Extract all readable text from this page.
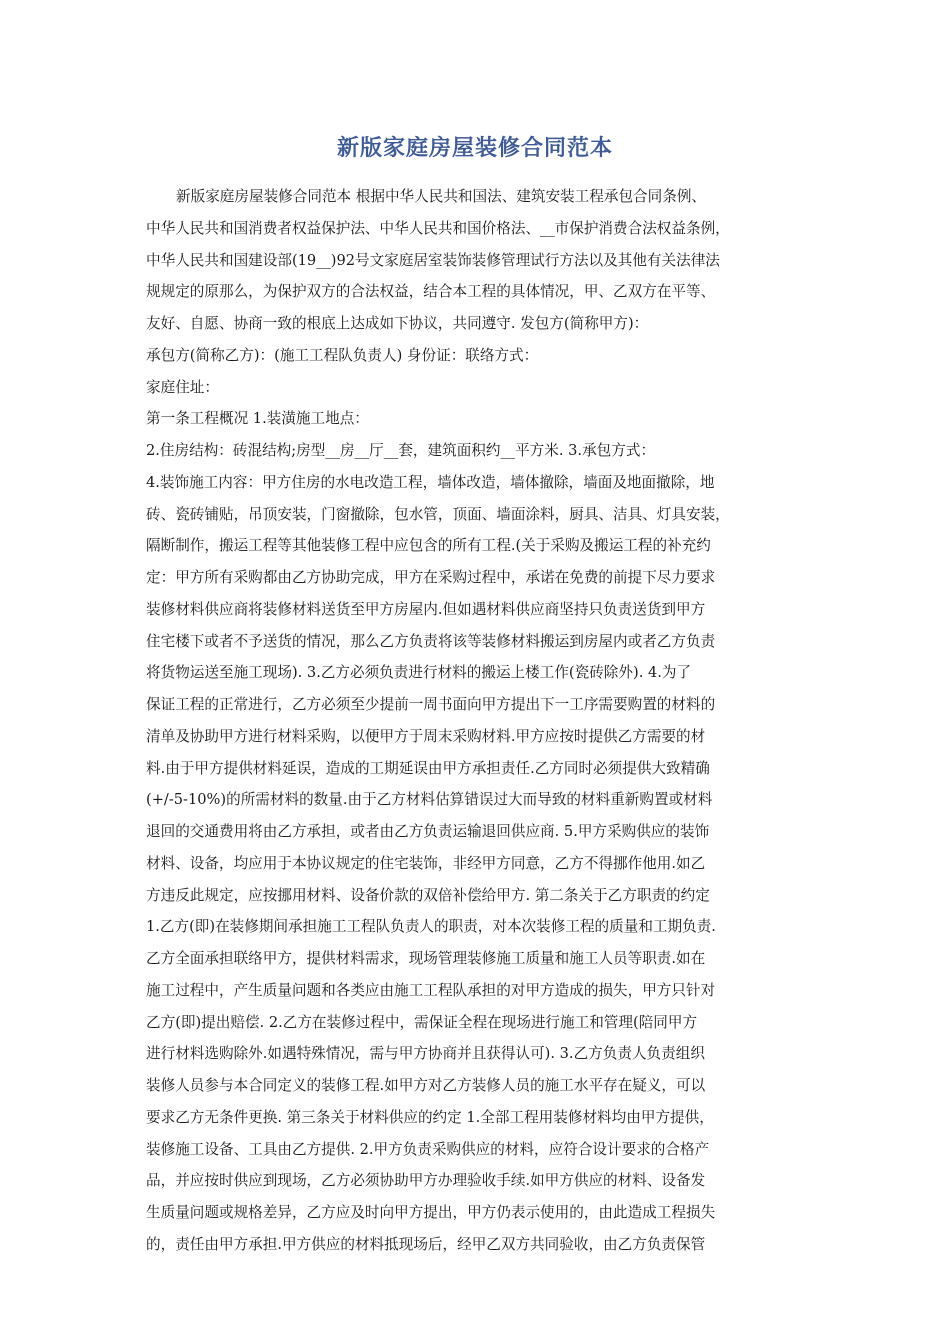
新版家庭房屋装修合同范本
新版家庭房屋装修合同范本 根据中华人民共和国法、建筑安装工程承包合同条例、
中华人民共和国消费者权益保护法、中华人民共和国价格法、__市保护消费合法权益条例，
中华人民共和国建设部(19__)92号文家庭居室装饰装修管理试行方法以及其他有关法律法
规规定的原那么，为保护双方的合法权益，结合本工程的具体情况，甲、乙双方在平等、
友好、自愿、协商一致的根底上达成如下协议，共同遵守. 发包方(简称甲方)：
承包方(简称乙方)：(施工工程队负责人) 身份证：联络方式：
家庭住址：
第一条工程概况 1.装潢施工地点：
2.住房结构：砖混结构;房型__房__厅__套，建筑面积约__平方米. 3.承包方式：
4.装饰施工内容：甲方住房的水电改造工程，墙体改造，墙体撤除，墙面及地面撤除，地
砖、瓷砖铺贴，吊顶安装，门窗撤除，包水管，顶面、墙面涂料，厨具、洁具、灯具安装，
隔断制作，搬运工程等其他装修工程中应包含的所有工程.(关于采购及搬运工程的补充约
定：甲方所有采购都由乙方协助完成，甲方在采购过程中，承诺在免费的前提下尽力要求
装修材料供应商将装修材料送货至甲方房屋内.但如遇材料供应商坚持只负责送货到甲方
住宅楼下或者不予送货的情况，那么乙方负责将该等装修材料搬运到房屋内或者乙方负责
将货物运送至施工现场). 3.乙方必须负责进行材料的搬运上楼工作(瓷砖除外). 4.为了
保证工程的正常进行，乙方必须至少提前一周书面向甲方提出下一工序需要购置的材料的
清单及协助甲方进行材料采购，以便甲方于周末采购材料.甲方应按时提供乙方需要的材
料.由于甲方提供材料延误，造成的工期延误由甲方承担责任.乙方同时必须提供大致精确
(+/-5-10%)的所需材料的数量.由于乙方材料估算错误过大而导致的材料重新购置或材料
退回的交通费用将由乙方承担，或者由乙方负责运输退回供应商. 5.甲方采购供应的装饰
材料、设备，均应用于本协议规定的住宅装饰，非经甲方同意，乙方不得挪作他用.如乙
方违反此规定，应按挪用材料、设备价款的双倍补偿给甲方. 第二条关于乙方职责的约定
1.乙方(即)在装修期间承担施工工程队负责人的职责，对本次装修工程的质量和工期负责.
乙方全面承担联络甲方，提供材料需求，现场管理装修施工质量和施工人员等职责.如在
施工过程中，产生质量问题和各类应由施工工程队承担的对甲方造成的损失，甲方只针对
乙方(即)提出赔偿. 2.乙方在装修过程中，需保证全程在现场进行施工和管理(陪同甲方
进行材料选购除外.如遇特殊情况，需与甲方协商并且获得认可). 3.乙方负责人负责组织
装修人员参与本合同定义的装修工程.如甲方对乙方装修人员的施工水平存在疑义，可以
要求乙方无条件更换. 第三条关于材料供应的约定 1.全部工程用装修材料均由甲方提供，
装修施工设备、工具由乙方提供. 2.甲方负责采购供应的材料，应符合设计要求的合格产
品，并应按时供应到现场，乙方必须协助甲方办理验收手续.如甲方供应的材料、设备发
生质量问题或规格差异，乙方应及时向甲方提出，甲方仍表示使用的，由此造成工程损失
的，责任由甲方承担.甲方供应的材料抵现场后，经甲乙双方共同验收，由乙方负责保管
